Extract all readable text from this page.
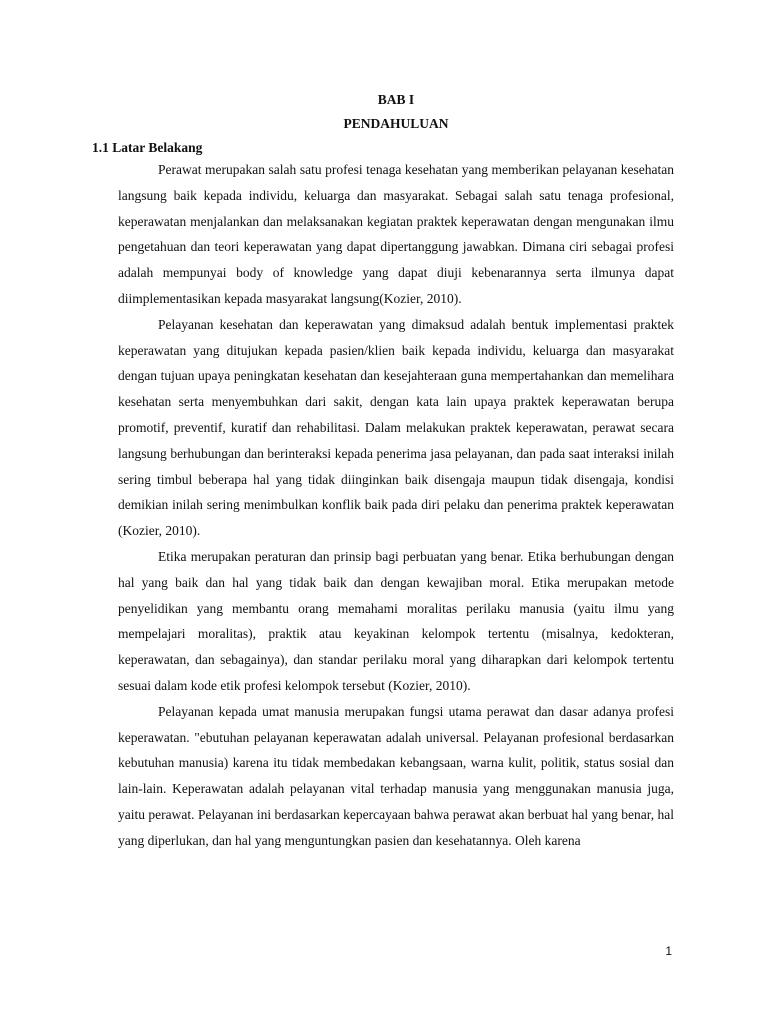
BAB I
PENDAHULUAN
1.1 Latar Belakang

Perawat merupakan salah satu profesi tenaga kesehatan yang memberikan pelayanan kesehatan langsung baik kepada individu, keluarga dan masyarakat. Sebagai salah satu tenaga profesional, keperawatan menjalankan dan melaksanakan kegiatan praktek keperawatan dengan mengunakan ilmu pengetahuan dan teori keperawatan yang dapat dipertanggung jawabkan. Dimana ciri sebagai profesi adalah mempunyai body of knowledge yang dapat diuji kebenarannya serta ilmunya dapat diimplementasikan kepada masyarakat langsung(Kozier, 2010).

Pelayanan kesehatan dan keperawatan yang dimaksud adalah bentuk implementasi praktek keperawatan yang ditujukan kepada pasien/klien baik kepada individu, keluarga dan masyarakat dengan tujuan upaya peningkatan kesehatan dan kesejahteraan guna mempertahankan dan memelihara kesehatan serta menyembuhkan dari sakit, dengan kata lain upaya praktek keperawatan berupa promotif, preventif, kuratif dan rehabilitasi. Dalam melakukan praktek keperawatan, perawat secara langsung berhubungan dan berinteraksi kepada penerima jasa pelayanan, dan pada saat interaksi inilah sering timbul beberapa hal yang tidak diinginkan baik disengaja maupun tidak disengaja, kondisi demikian inilah sering menimbulkan konflik baik pada diri pelaku dan penerima praktek keperawatan (Kozier, 2010).

Etika merupakan peraturan dan prinsip bagi perbuatan yang benar. Etika berhubungan dengan hal yang baik dan hal yang tidak baik dan dengan kewajiban moral. Etika merupakan metode penyelidikan yang membantu orang memahami moralitas perilaku manusia (yaitu ilmu yang mempelajari moralitas), praktik atau keyakinan kelompok tertentu (misalnya, kedokteran, keperawatan, dan sebagainya), dan standar perilaku moral yang diharapkan dari kelompok tertentu sesuai dalam kode etik profesi kelompok tersebut (Kozier, 2010).

Pelayanan kepada umat manusia merupakan fungsi utama perawat dan dasar adanya profesi keperawatan. "ebutuhan pelayanan keperawatan adalah universal. Pelayanan profesional berdasarkan kebutuhan manusia) karena itu tidak membedakan kebangsaan, warna kulit, politik, status sosial dan lain-lain. Keperawatan adalah pelayanan vital terhadap manusia yang menggunakan manusia juga, yaitu perawat. Pelayanan ini berdasarkan kepercayaan bahwa perawat akan berbuat hal yang benar, hal yang diperlukan, dan hal yang menguntungkan pasien dan kesehatannya. Oleh karena

1
